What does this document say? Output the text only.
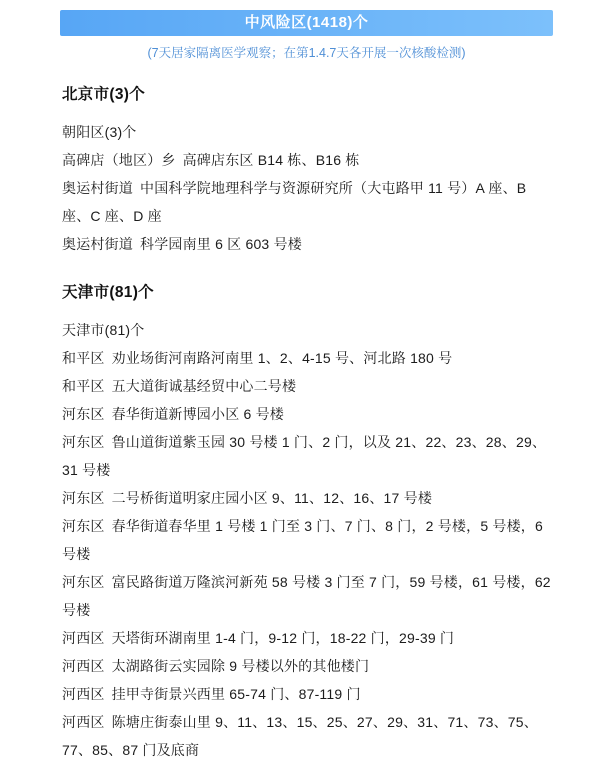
中风险区(1418)个
(7天居家隔离医学观察；在第1.4.7天各开展一次核酸检测)
北京市(3)个
朝阳区(3)个
高碑店（地区）乡 高碑店东区 B14 栋、B16 栋
奥运村街道 中国科学院地理科学与资源研究所（大屯路甲 11 号）A 座、B 座、C 座、D 座
奥运村街道 科学园南里 6 区 603 号楼
天津市(81)个
天津市(81)个
和平区 劝业场街河南路河南里 1、2、4-15 号、河北路 180 号
和平区 五大道街诚基经贸中心二号楼
河东区 春华街道新博园小区 6 号楼
河东区 鲁山道街道紫玉园 30 号楼 1 门、2 门，以及 21、22、23、28、29、31 号楼
河东区 二号桥街道明家庄园小区 9、11、12、16、17 号楼
河东区 春华街道春华里 1 号楼 1 门至 3 门、7 门、8 门，2 号楼，5 号楼，6 号楼
河东区 富民路街道万隆滨河新苑 58 号楼 3 门至 7 门，59 号楼，61 号楼，62 号楼
河西区 天塔街环湖南里 1-4 门，9-12 门，18-22 门，29-39 门
河西区 太湖路街云实园除 9 号楼以外的其他楼门
河西区 挂甲寺街景兴西里 65-74 门、87-119 门
河西区 陈塘庄街泰山里 9、11、13、15、25、27、29、31、71、73、75、77、85、87 门及底商
